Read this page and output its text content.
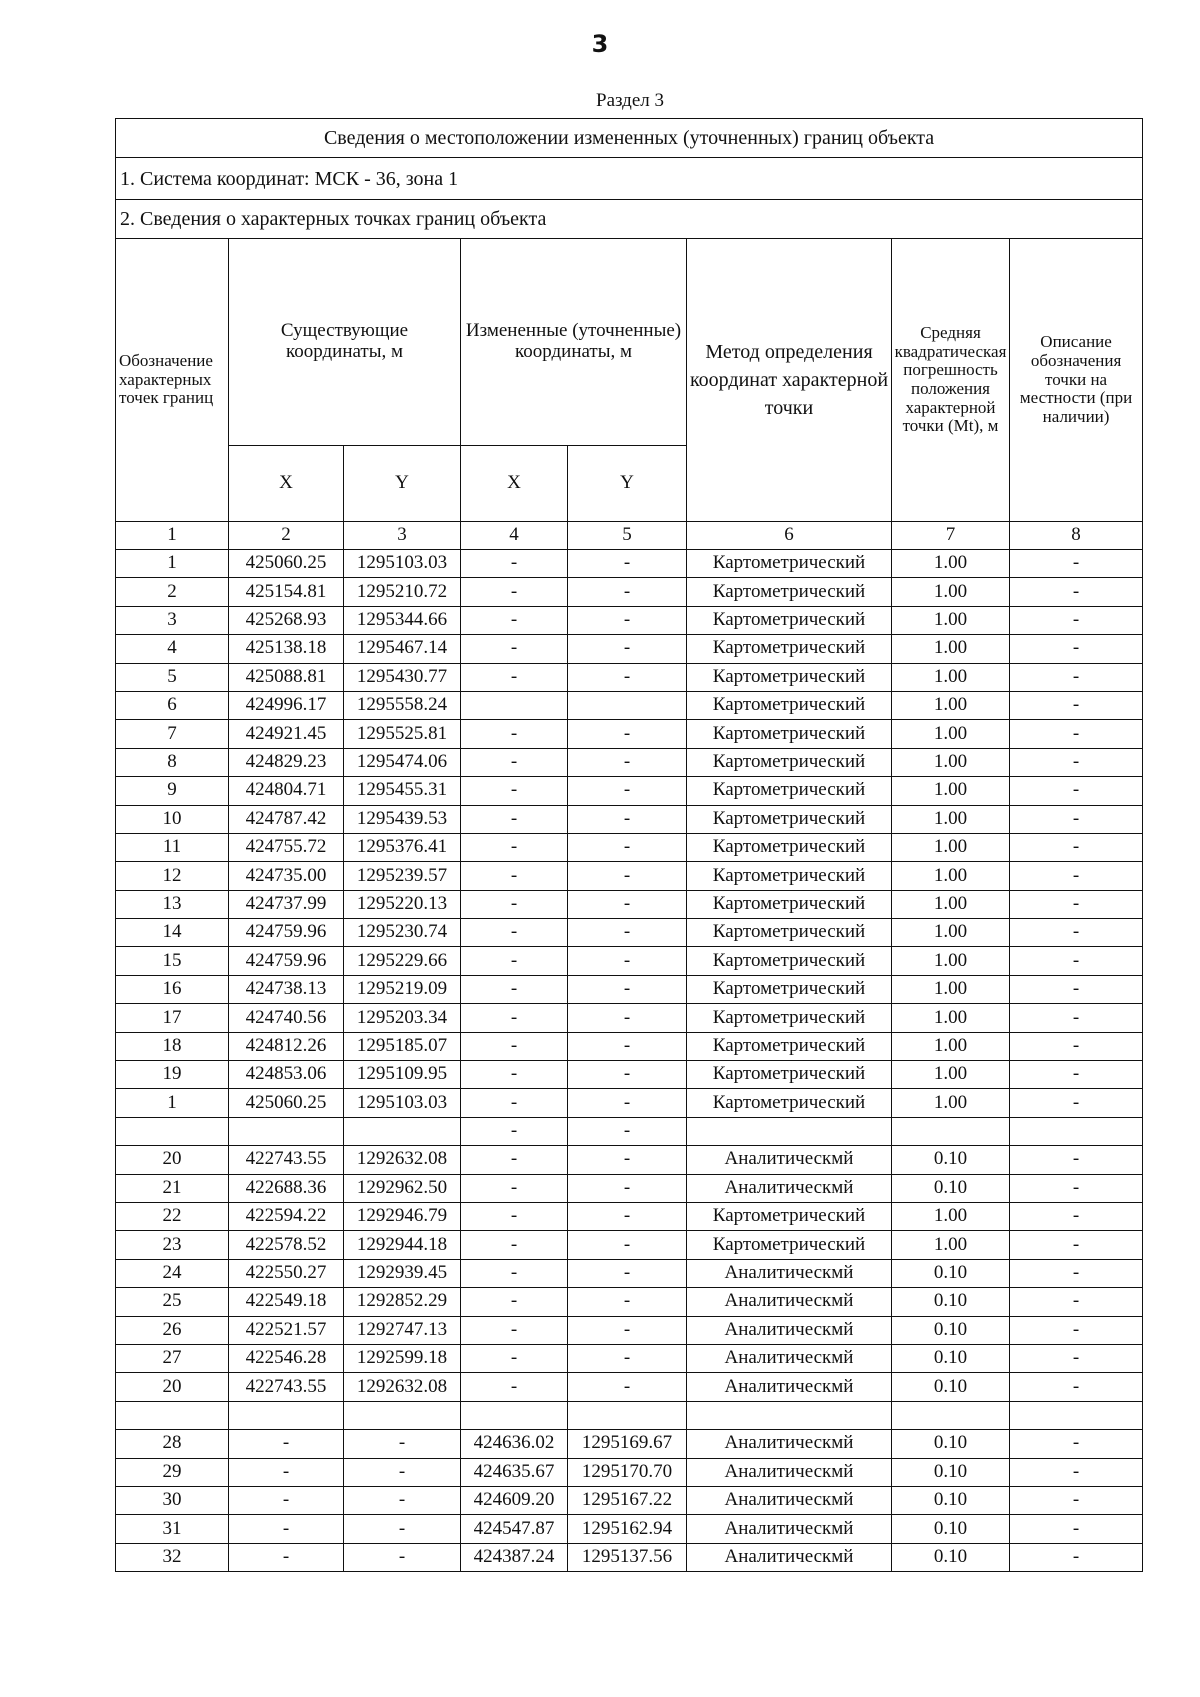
3
Раздел 3
Сведения о местоположении измененных (уточненных) границ объекта							
1. Система координат: МСК - 36, зона 1							
2. Сведения о характерных точках границ объекта							
Обозначение характерных точек границ	Существующие координаты, м		Измененные (уточненные) координаты, м		Метод определения координат характерной точки	Средняя квадратическая погрешность положения характерной точки (Mt), м	Описание обозначения точки на местности (при наличии)
	X	Y	X	Y			
1	2	3	4	5	6	7	8
1	425060.25	1295103.03	-	-	Картометрический	1.00	-
2	425154.81	1295210.72	-	-	Картометрический	1.00	-
3	425268.93	1295344.66	-	-	Картометрический	1.00	-
4	425138.18	1295467.14	-	-	Картометрический	1.00	-
5	425088.81	1295430.77	-	-	Картометрический	1.00	-
6	424996.17	1295558.24			Картометрический	1.00	-
7	424921.45	1295525.81	-	-	Картометрический	1.00	-
8	424829.23	1295474.06	-	-	Картометрический	1.00	-
9	424804.71	1295455.31	-	-	Картометрический	1.00	-
10	424787.42	1295439.53	-	-	Картометрический	1.00	-
11	424755.72	1295376.41	-	-	Картометрический	1.00	-
12	424735.00	1295239.57	-	-	Картометрический	1.00	-
13	424737.99	1295220.13	-	-	Картометрический	1.00	-
14	424759.96	1295230.74	-	-	Картометрический	1.00	-
15	424759.96	1295229.66	-	-	Картометрический	1.00	-
16	424738.13	1295219.09	-	-	Картометрический	1.00	-
17	424740.56	1295203.34	-	-	Картометрический	1.00	-
18	424812.26	1295185.07	-	-	Картометрический	1.00	-
19	424853.06	1295109.95	-	-	Картометрический	1.00	-
1	425060.25	1295103.03	-	-	Картометрический	1.00	-
			-	-			
20	422743.55	1292632.08	-	-	Аналитическмй	0.10	-
21	422688.36	1292962.50	-	-	Аналитическмй	0.10	-
22	422594.22	1292946.79	-	-	Картометрический	1.00	-
23	422578.52	1292944.18	-	-	Картометрический	1.00	-
24	422550.27	1292939.45	-	-	Аналитическмй	0.10	-
25	422549.18	1292852.29	-	-	Аналитическмй	0.10	-
26	422521.57	1292747.13	-	-	Аналитическмй	0.10	-
27	422546.28	1292599.18	-	-	Аналитическмй	0.10	-
20	422743.55	1292632.08	-	-	Аналитическмй	0.10	-

28	-	-	424636.02	1295169.67	Аналитическмй	0.10	-
29	-	-	424635.67	1295170.70	Аналитическмй	0.10	-
30	-	-	424609.20	1295167.22	Аналитическмй	0.10	-
31	-	-	424547.87	1295162.94	Аналитическмй	0.10	-
32	-	-	424387.24	1295137.56	Аналитическмй	0.10	-
